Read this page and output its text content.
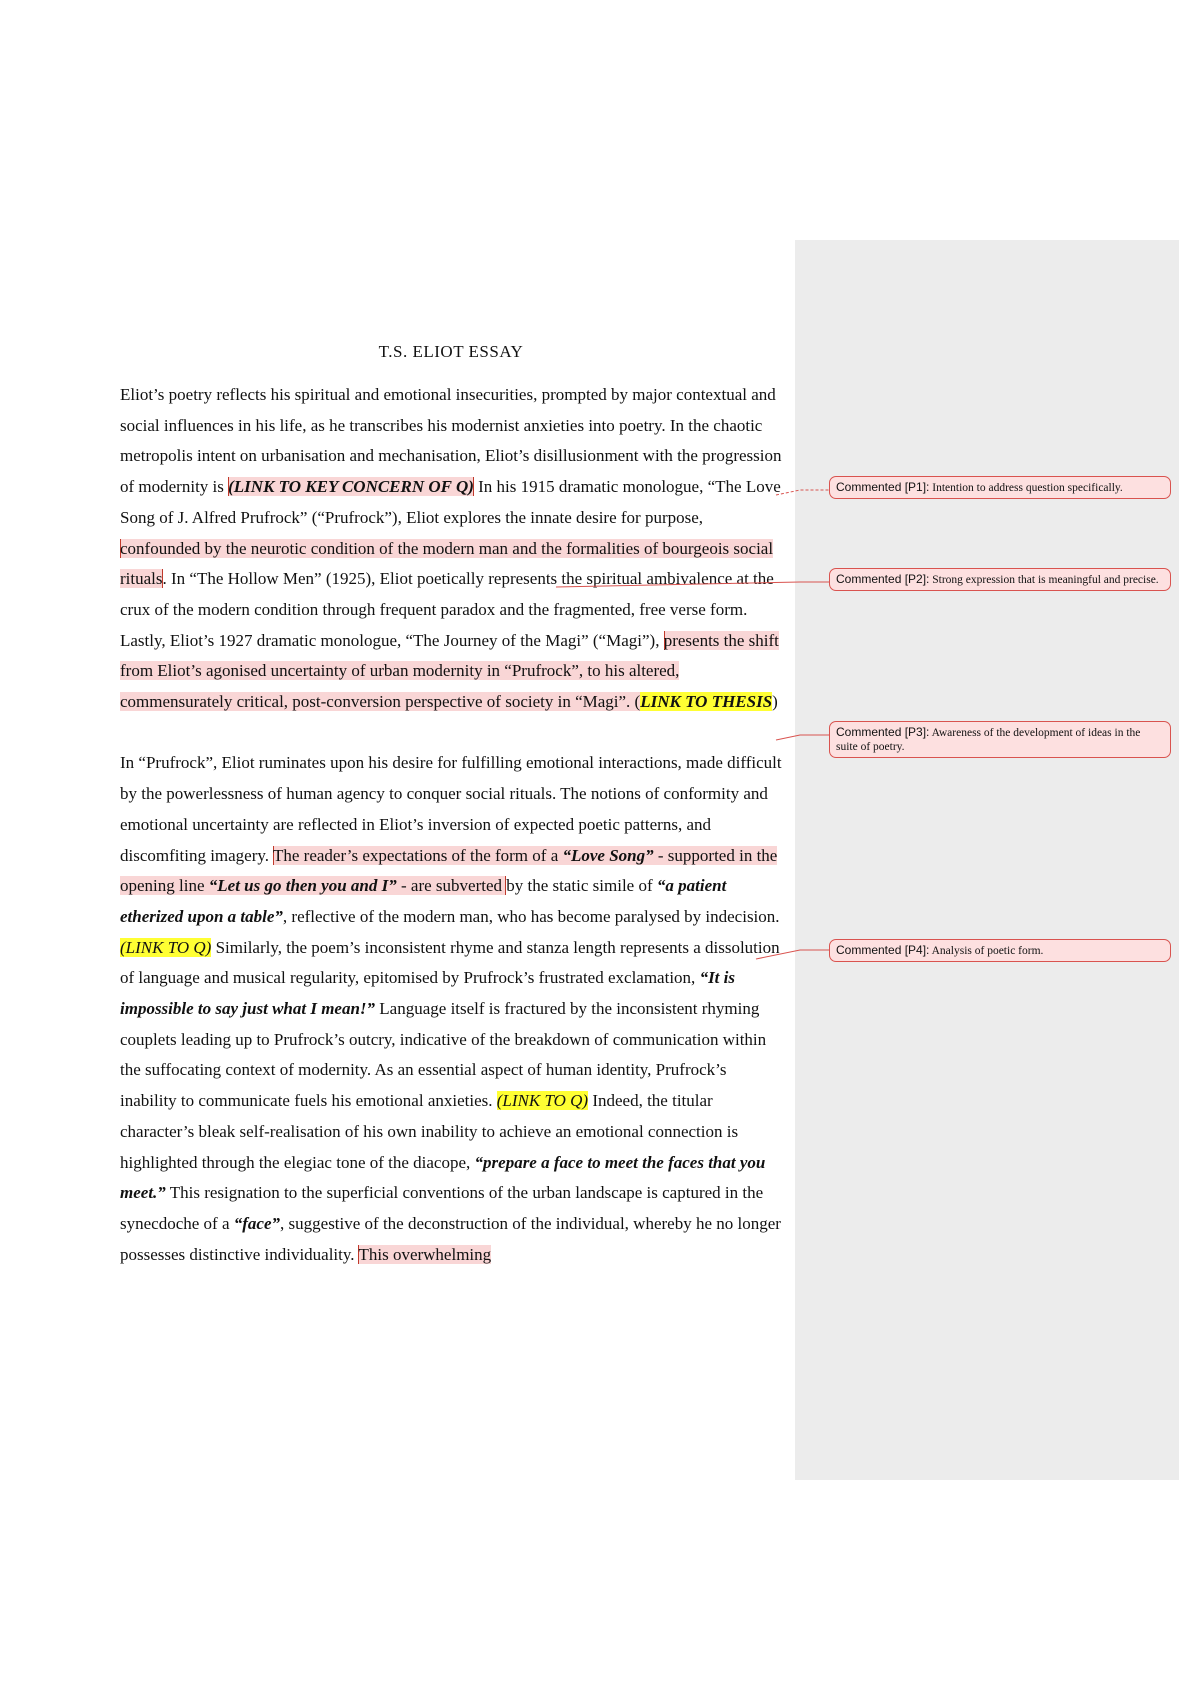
T.S. ELIOT ESSAY

Eliot’s poetry reflects his spiritual and emotional insecurities, prompted by major contextual and social influences in his life, as he transcribes his modernist anxieties into poetry. In the chaotic metropolis intent on urbanisation and mechanisation, Eliot’s disillusionment with the progression of modernity is (LINK TO KEY CONCERN OF Q) In his 1915 dramatic monologue, “The Love Song of J. Alfred Prufrock” (“Prufrock”), Eliot explores the innate desire for purpose, confounded by the neurotic condition of the modern man and the formalities of bourgeois social rituals. In “The Hollow Men” (1925), Eliot poetically represents the spiritual ambivalence at the crux of the modern condition through frequent paradox and the fragmented, free verse form. Lastly, Eliot’s 1927 dramatic monologue, “The Journey of the Magi” (“Magi”), presents the shift from Eliot’s agonised uncertainty of urban modernity in “Prufrock”, to his altered, commensurately critical, post-conversion perspective of society in “Magi”. (LINK TO THESIS)

In “Prufrock”, Eliot ruminates upon his desire for fulfilling emotional interactions, made difficult by the powerlessness of human agency to conquer social rituals. The notions of conformity and emotional uncertainty are reflected in Eliot’s inversion of expected poetic patterns, and discomfiting imagery. The reader’s expectations of the form of a “Love Song” - supported in the opening line “Let us go then you and I” - are subverted by the static simile of “a patient etherized upon a table”, reflective of the modern man, who has become paralysed by indecision. (LINK TO Q) Similarly, the poem’s inconsistent rhyme and stanza length represents a dissolution of language and musical regularity, epitomised by Prufrock’s frustrated exclamation, “It is impossible to say just what I mean!” Language itself is fractured by the inconsistent rhyming couplets leading up to Prufrock’s outcry, indicative of the breakdown of communication within the suffocating context of modernity. As an essential aspect of human identity, Prufrock’s inability to communicate fuels his emotional anxieties. (LINK TO Q) Indeed, the titular character’s bleak self-realisation of his own inability to achieve an emotional connection is highlighted through the elegiac tone of the diacope, “prepare a face to meet the faces that you meet.” This resignation to the superficial conventions of the urban landscape is captured in the synecdoche of a “face”, suggestive of the deconstruction of the individual, whereby he no longer possesses distinctive individuality. This overwhelming

Commented [P1]: Intention to address question specifically.
Commented [P2]: Strong expression that is meaningful and precise.
Commented [P3]: Awareness of the development of ideas in the suite of poetry.
Commented [P4]: Analysis of poetic form.
